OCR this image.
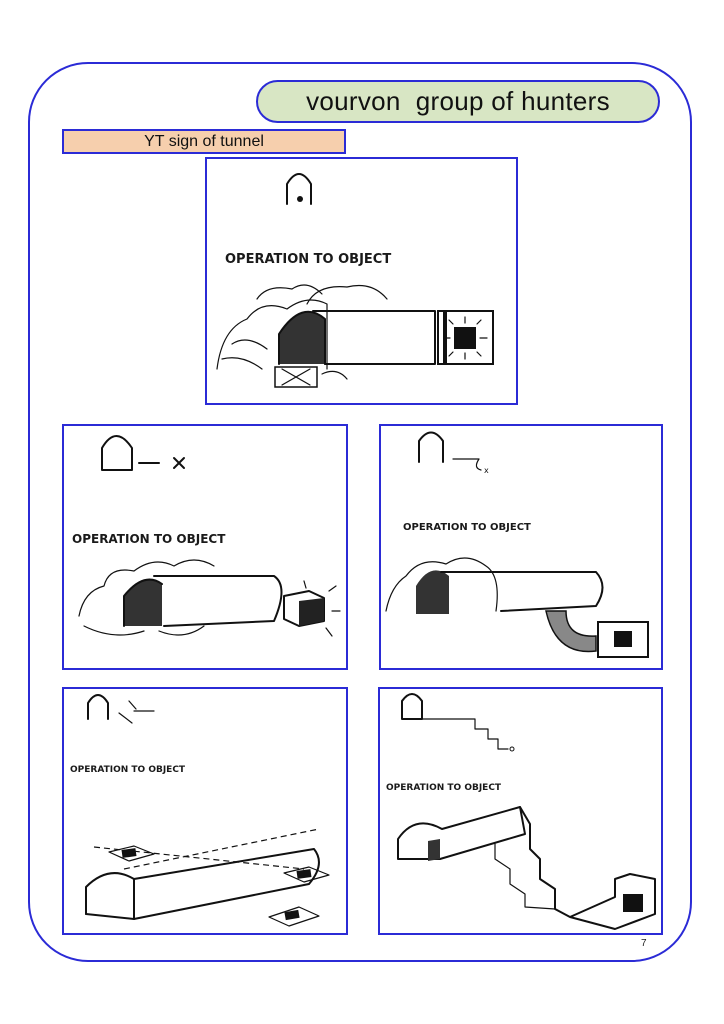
vourvon  group of hunters
YT sign of tunnel
OPERATION TO OBJECT
OPERATION TO OBJECT
x
OPERATION TO OBJECT
OPERATION TO OBJECT
OPERATION TO OBJECT
7
